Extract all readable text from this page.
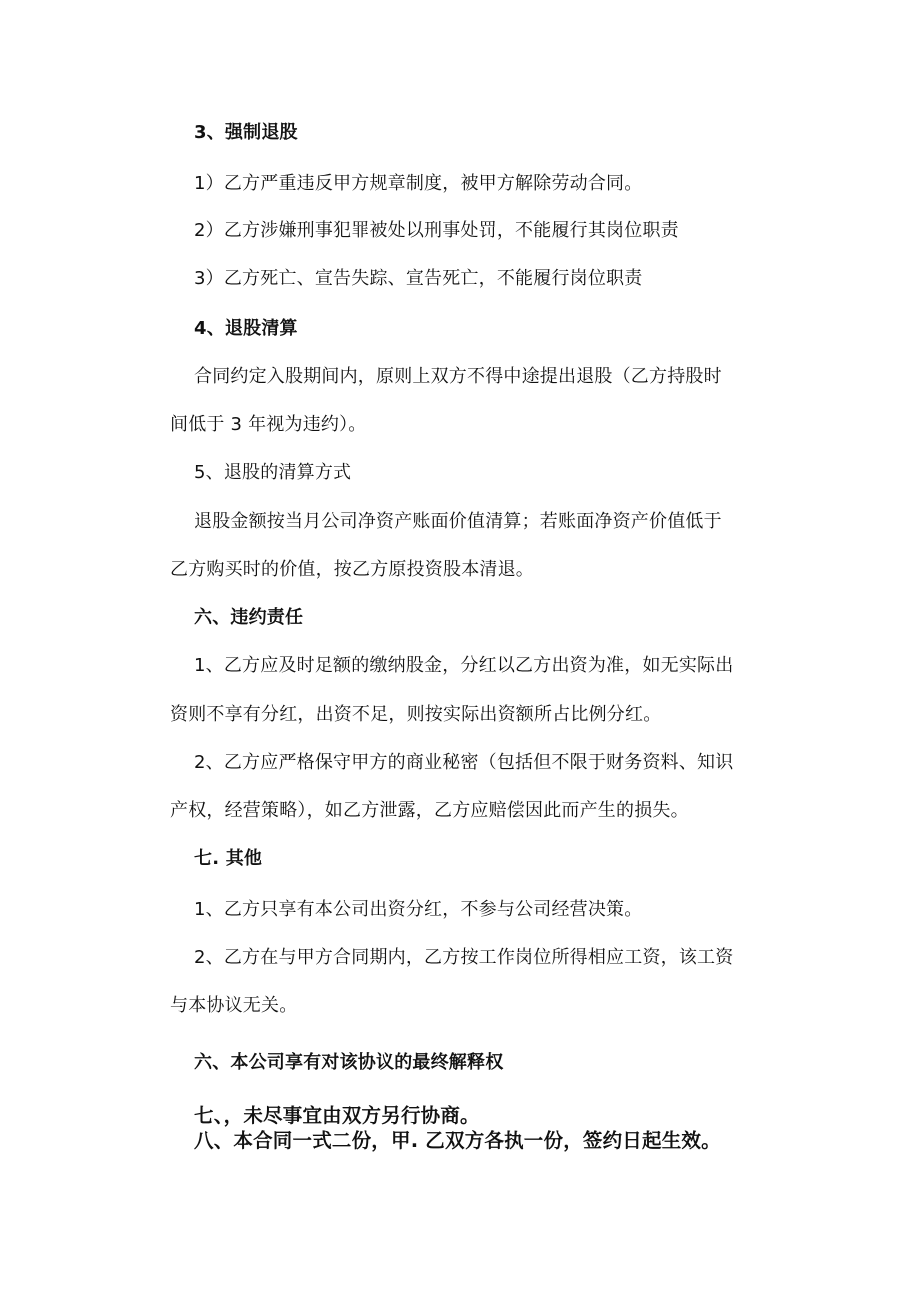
3、强制退股
1）乙方严重违反甲方规章制度，被甲方解除劳动合同。
2）乙方涉嫌刑事犯罪被处以刑事处罚，不能履行其岗位职责
3）乙方死亡、宣告失踪、宣告死亡，不能履行岗位职责
4、退股清算
合同约定入股期间内，原则上双方不得中途提出退股（乙方持股时
间低于 3 年视为违约）。
5、退股的清算方式
退股金额按当月公司净资产账面价值清算；若账面净资产价值低于
乙方购买时的价值，按乙方原投资股本清退。
六、违约责任
1、乙方应及时足额的缴纳股金，分红以乙方出资为准，如无实际出
资则不享有分红，出资不足，则按实际出资额所占比例分红。
2、乙方应严格保守甲方的商业秘密（包括但不限于财务资料、知识
产权，经营策略），如乙方泄露，乙方应赔偿因此而产生的损失。
七. 其他
1、乙方只享有本公司出资分红，不参与公司经营决策。
2、乙方在与甲方合同期内，乙方按工作岗位所得相应工资，该工资
与本协议无关。
六、本公司享有对该协议的最终解释权
七、，未尽事宜由双方另行协商。
八、本合同一式二份，甲. 乙双方各执一份，签约日起生效。
